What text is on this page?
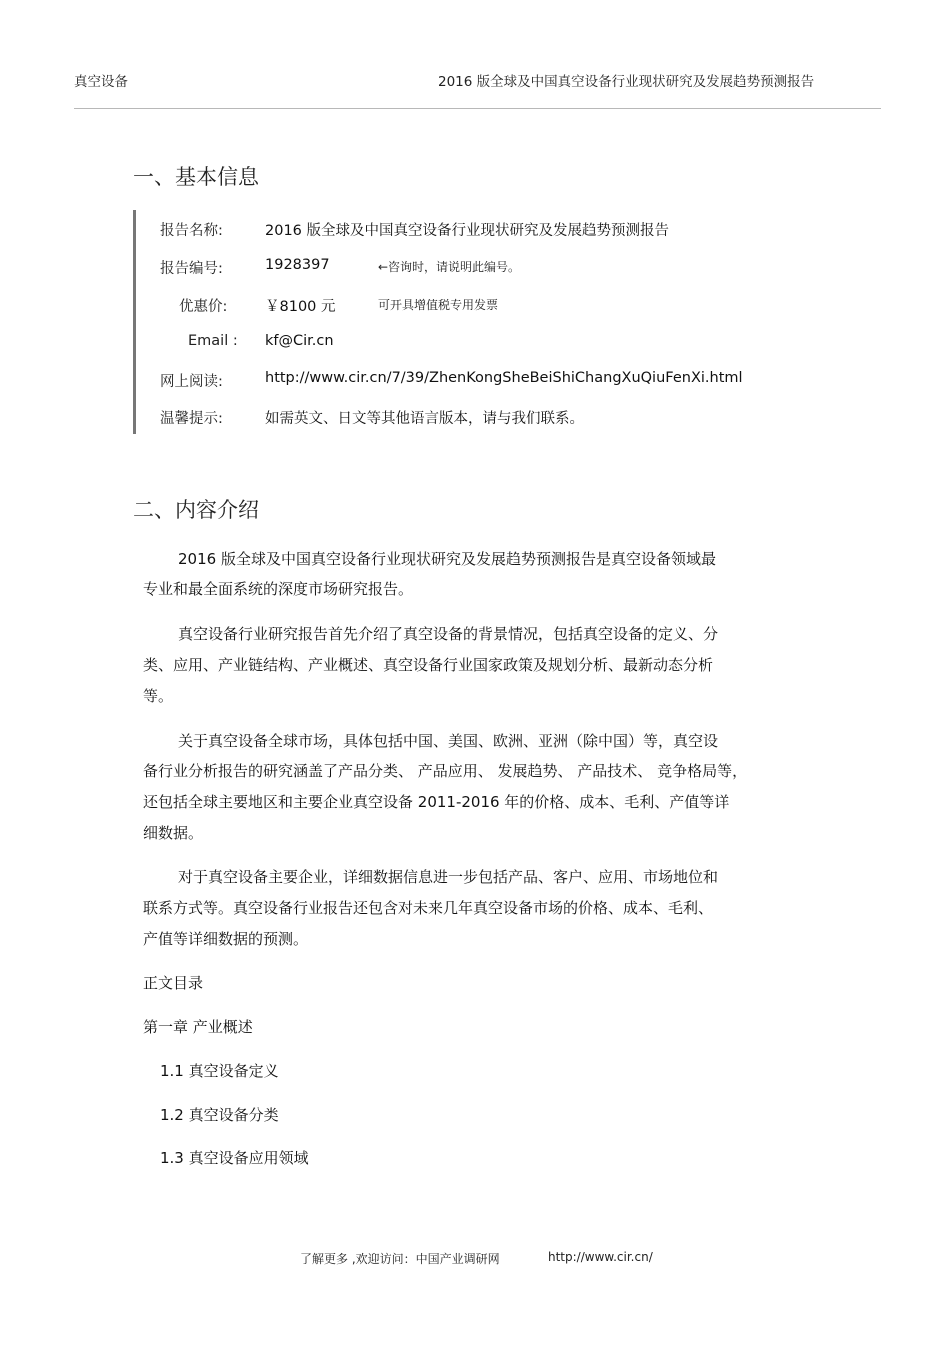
真空设备	2016 版全球及中国真空设备行业现状研究及发展趋势预测报告
一、基本信息
报告名称:	2016 版全球及中国真空设备行业现状研究及发展趋势预测报告
报告编号:	1928397	←咨询时，请说明此编号。
优惠价:	￥8100 元	可开具增值税专用发票
Email : kf@Cir.cn
网上阅读:	http://www.cir.cn/7/39/ZhenKongSheBeiShiChangXuQiuFenXi.html
温馨提示:	如需英文、日文等其他语言版本，请与我们联系。
二、内容介绍
2016 版全球及中国真空设备行业现状研究及发展趋势预测报告是真空设备领域最
专业和最全面系统的深度市场研究报告。
真空设备行业研究报告首先介绍了真空设备的背景情况，包括真空设备的定义、分
类、应用、产业链结构、产业概述、真空设备行业国家政策及规划分析、最新动态分析
等。
关于真空设备全球市场，具体包括中国、美国、欧洲、亚洲（除中国）等，真空设
备行业分析报告的研究涵盖了产品分类、 产品应用、 发展趋势、 产品技术、 竞争格局等，
还包括全球主要地区和主要企业真空设备 2011-2016 年的价格、成本、毛利、产值等详
细数据。
对于真空设备主要企业，详细数据信息进一步包括产品、客户、应用、市场地位和
联系方式等。真空设备行业报告还包含对未来几年真空设备市场的价格、成本、毛利、
产值等详细数据的预测。
正文目录
第一章 产业概述
1.1 真空设备定义
1.2 真空设备分类
1.3 真空设备应用领域
了解更多 ,欢迎访问：中国产业调研网	http://www.cir.cn/
